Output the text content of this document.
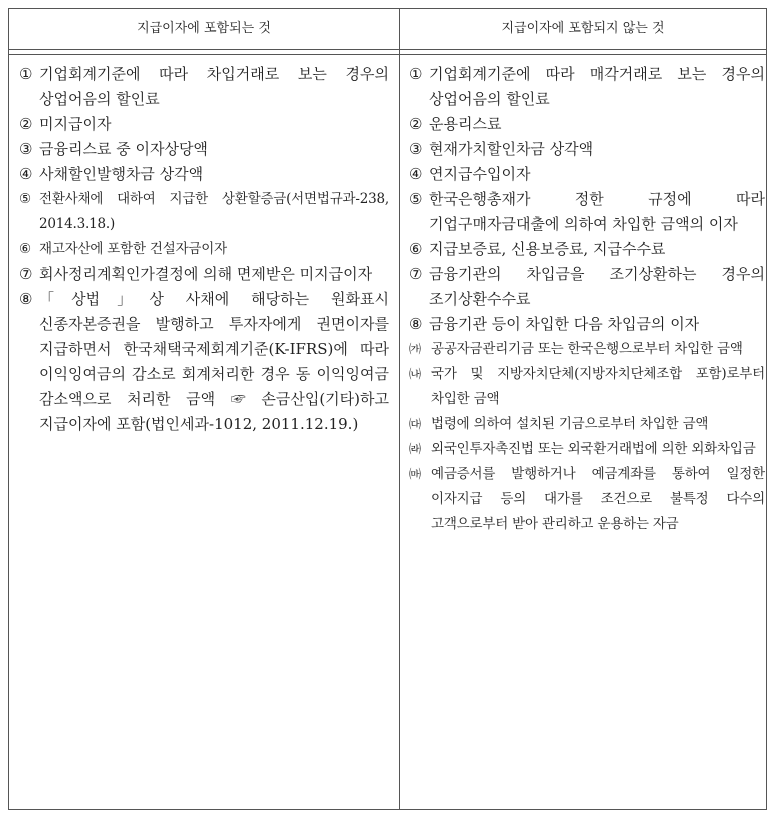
지급이자에 포함되는 것	지급이자에 포함되지 않는 것
① 기업회계기준에 따라 차입거래로 보는 경우의 상업어음의 할인료
② 미지급이자
③ 금융리스료 중 이자상당액
④ 사채할인발행차금 상각액
⑤ 전환사채에 대하여 지급한 상환할증금(서면법규과-238, 2014.3.18.)
⑥ 재고자산에 포함한 건설자금이자
⑦ 회사정리계획인가결정에 의해 면제받은 미지급이자
⑧ 「상법」상 사채에 해당하는 원화표시 신종자본증권을 발행하고 투자자에게 권면이자를 지급하면서 한국채택국제회계기준(K-IFRS)에 따라 이익잉여금의 감소로 회계처리한 경우 동 이익잉여금 감소액으로 처리한 금액 ☞ 손금산입(기타)하고 지급이자에 포함(법인세과-1012, 2011.12.19.)
① 기업회계기준에 따라 매각거래로 보는 경우의 상업어음의 할인료
② 운용리스료
③ 현재가치할인차금 상각액
④ 연지급수입이자
⑤ 한국은행총재가 정한 규정에 따라 기업구매자금대출에 의하여 차입한 금액의 이자
⑥ 지급보증료, 신용보증료, 지급수수료
⑦ 금융기관의 차입금을 조기상환하는 경우의 조기상환수수료
⑧ 금융기관 등이 차입한 다음 차입금의 이자
㈎ 공공자금관리기금 또는 한국은행으로부터 차입한 금액
㈏ 국가 및 지방자치단체(지방자치단체조합 포함)로부터 차입한 금액
㈐ 법령에 의하여 설치된 기금으로부터 차입한 금액
㈑ 외국인투자촉진법 또는 외국환거래법에 의한 외화차입금
㈒ 예금증서를 발행하거나 예금계좌를 통하여 일정한 이자지급 등의 대가를 조건으로 불특정 다수의 고객으로부터 받아 관리하고 운용하는 자금
